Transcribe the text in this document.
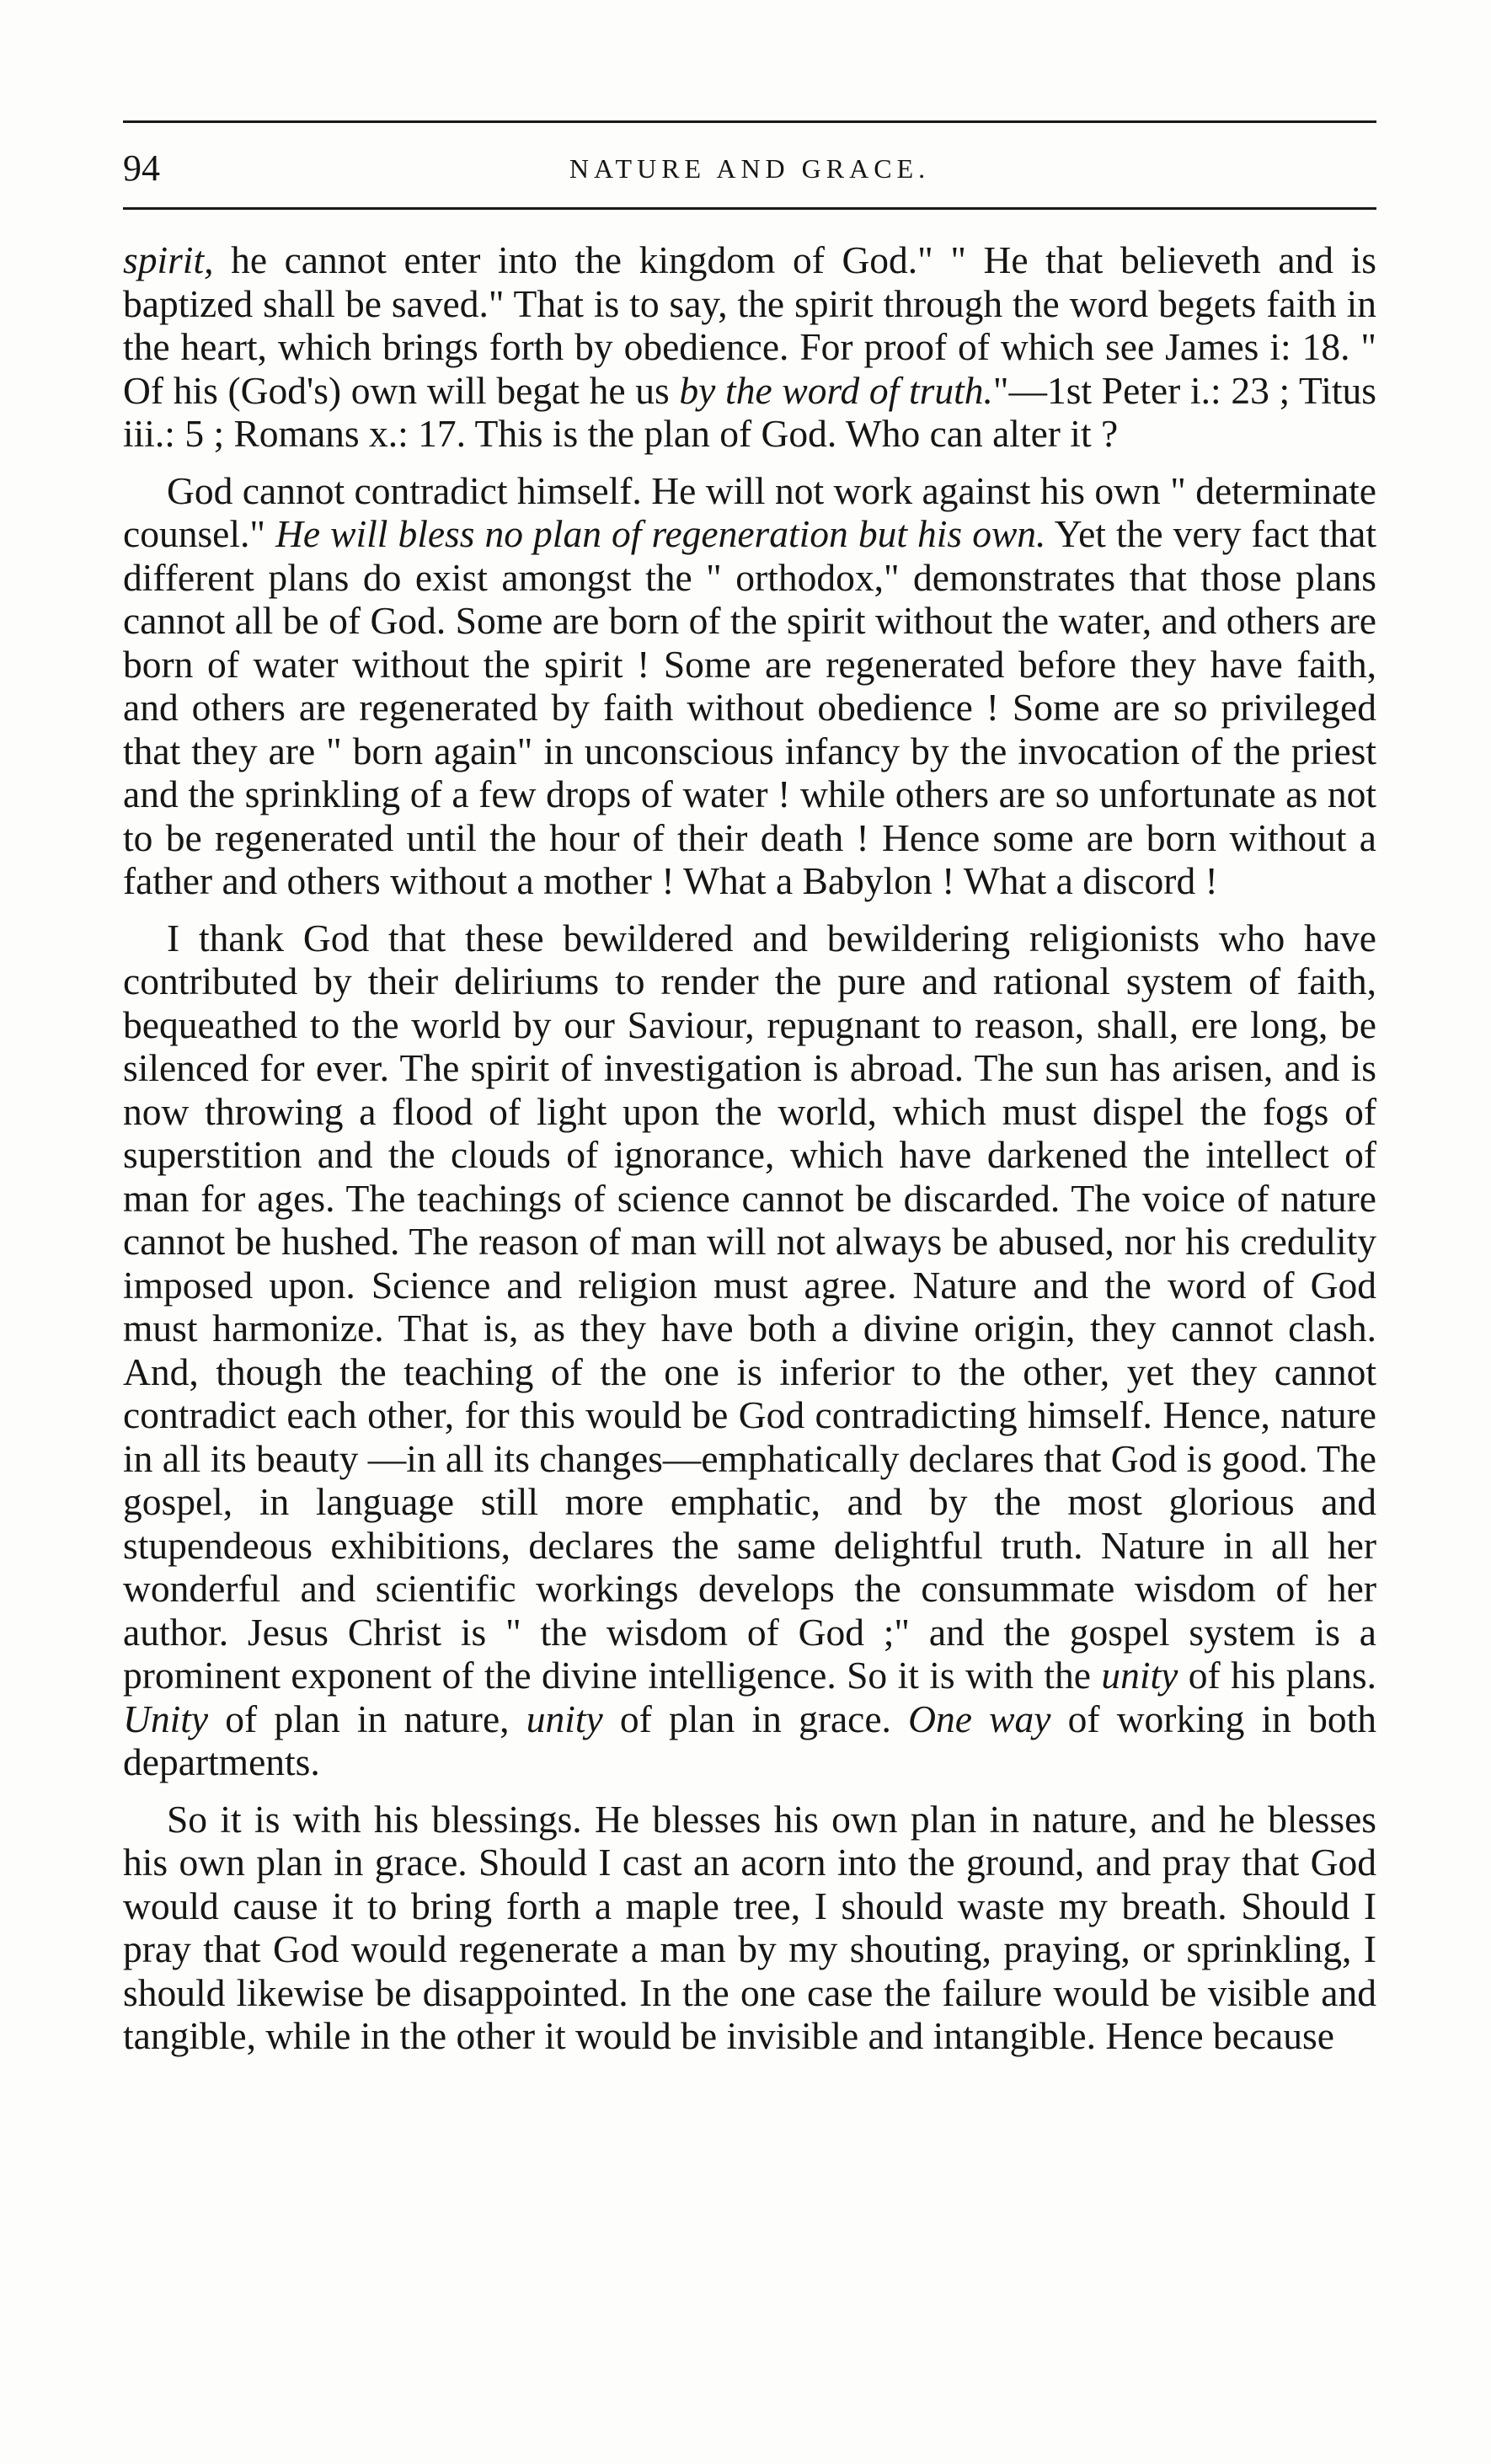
94	NATURE AND GRACE.

spirit, he cannot enter into the kingdom of God." " He that believeth and is baptized shall be saved." That is to say, the spirit through the word begets faith in the heart, which brings forth by obedience. For proof of which see James i: 18. " Of his (God's) own will begat he us by the word of truth."—1st Peter i.: 23 ; Titus iii.: 5 ; Romans x.: 17. This is the plan of God. Who can alter it ?

God cannot contradict himself. He will not work against his own " determinate counsel." He will bless no plan of regeneration but his own. Yet the very fact that different plans do exist amongst the " orthodox," demonstrates that those plans cannot all be of God. Some are born of the spirit without the water, and others are born of water without the spirit ! Some are regenerated before they have faith, and others are regenerated by faith without obedience ! Some are so privileged that they are " born again" in unconscious infancy by the invocation of the priest and the sprinkling of a few drops of water ! while others are so unfortunate as not to be regenerated until the hour of their death ! Hence some are born without a father and others without a mother ! What a Babylon ! What a discord !

I thank God that these bewildered and bewildering religionists who have contributed by their deliriums to render the pure and rational system of faith, bequeathed to the world by our Saviour, repugnant to reason, shall, ere long, be silenced for ever. The spirit of investigation is abroad. The sun has arisen, and is now throwing a flood of light upon the world, which must dispel the fogs of superstition and the clouds of ignorance, which have darkened the intellect of man for ages. The teachings of science cannot be discarded. The voice of nature cannot be hushed. The reason of man will not always be abused, nor his credulity imposed upon. Science and religion must agree. Nature and the word of God must harmonize. That is, as they have both a divine origin, they cannot clash. And, though the teaching of the one is inferior to the other, yet they cannot contradict each other, for this would be God contradicting himself. Hence, nature in all its beauty —in all its changes—emphatically declares that God is good. The gospel, in language still more emphatic, and by the most glorious and stupendeous exhibitions, declares the same delightful truth. Nature in all her wonderful and scientific workings develops the consummate wisdom of her author. Jesus Christ is " the wisdom of God ;" and the gospel system is a prominent exponent of the divine intelligence. So it is with the unity of his plans. Unity of plan in nature, unity of plan in grace. One way of working in both departments.

So it is with his blessings. He blesses his own plan in nature, and he blesses his own plan in grace. Should I cast an acorn into the ground, and pray that God would cause it to bring forth a maple tree, I should waste my breath. Should I pray that God would regenerate a man by my shouting, praying, or sprinkling, I should likewise be disappointed. In the one case the failure would be visible and tangible, while in the other it would be invisible and intangible. Hence because
